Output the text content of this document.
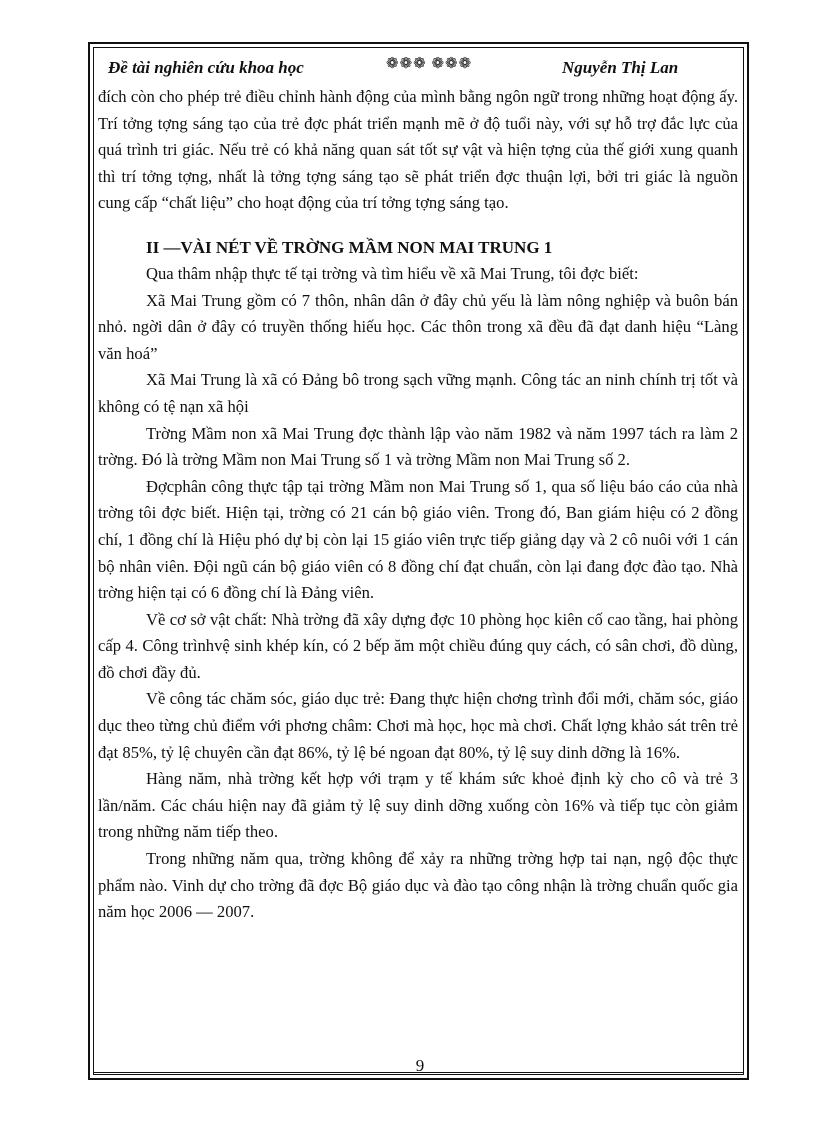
Đề tài nghiên cứu khoa học	❁❁❁ ❁❁❁	Nguyễn Thị Lan

đích còn cho phép trẻ điều chỉnh hành động của mình bằng ngôn ngữ trong những hoạt động ấy. Trí tởng tợng sáng tạo của trẻ đợc phát triển mạnh mẽ ở độ tuổi này, với sự hỗ trợ đắc lực của quá trình tri giác. Nếu trẻ có khả năng quan sát tốt sự vật và hiện tợng của thế giới xung quanh thì trí tởng tợng, nhất là tởng tợng sáng tạo sẽ phát triển đợc thuận lợi, bởi tri giác là nguồn cung cấp “chất liệu” cho hoạt động của trí tởng tợng sáng tạo.

II —VÀI NÉT VỀ TRỜNG MẦM NON MAI TRUNG 1

Qua thâm nhập thực tế tại trờng và tìm hiểu về xã Mai Trung, tôi đợc biết:

Xã Mai Trung gồm có 7 thôn, nhân dân ở đây chủ yếu là làm nông nghiệp và buôn bán nhỏ. ngời dân ở đây có truyền thống hiếu học. Các thôn trong xã đều đã đạt danh hiệu “Làng văn hoá”

Xã Mai Trung là xã có Đảng bô trong sạch vững mạnh. Công tác an ninh chính trị tốt và không có tệ nạn xã hội

Trờng Mầm non xã Mai Trung đợc thành lập vào năm 1982 và năm 1997 tách ra làm 2 trờng. Đó là trờng Mầm non Mai Trung số 1 và trờng Mầm non Mai Trung số 2.

Đợcphân công thực tập tại trờng Mầm non Mai Trung số 1, qua số liệu báo cáo của nhà trờng tôi đợc biết. Hiện tại, trờng có 21 cán bộ giáo viên. Trong đó, Ban giám hiệu có 2 đồng chí, 1 đồng chí là Hiệu phó dự bị còn lại 15 giáo viên trực tiếp giảng dạy và 2 cô nuôi với 1 cán bộ nhân viên. Đội ngũ cán bộ giáo viên có 8 đồng chí đạt chuẩn, còn lại đang đợc đào tạo. Nhà trờng hiện tại có 6 đồng chí là Đảng viên.

Về cơ sở vật chất: Nhà trờng đã xây dựng đợc 10 phòng học kiên cố cao tầng, hai phòng cấp 4. Công trìnhvệ sinh khép kín, có 2 bếp ăm một chiều đúng quy cách, có sân chơi, đồ dùng, đồ chơi đầy đủ.

Về công tác chăm sóc, giáo dục trẻ: Đang thực hiện chơng trình đổi mới, chăm sóc, giáo dục theo từng chủ điểm với phơng châm: Chơi mà học, học mà chơi. Chất lợng khảo sát trên trẻ đạt 85%, tỷ lệ chuyên cần đạt 86%, tỷ lệ bé ngoan đạt 80%, tỷ lệ suy dinh dỡng là 16%.

Hàng năm, nhà trờng kết hợp với trạm y tế khám sức khoẻ định kỳ cho cô và trẻ 3 lần/năm. Các cháu hiện nay đã giảm tỷ lệ suy dinh dỡng xuống còn 16% và tiếp tục còn giảm trong những năm tiếp theo.

Trong những năm qua, trờng không để xảy ra những trờng hợp tai nạn, ngộ độc thực phẩm nào. Vinh dự cho trờng đã đợc Bộ giáo dục và đào tạo công nhận là trờng chuẩn quốc gia năm học 2006 — 2007.

9
